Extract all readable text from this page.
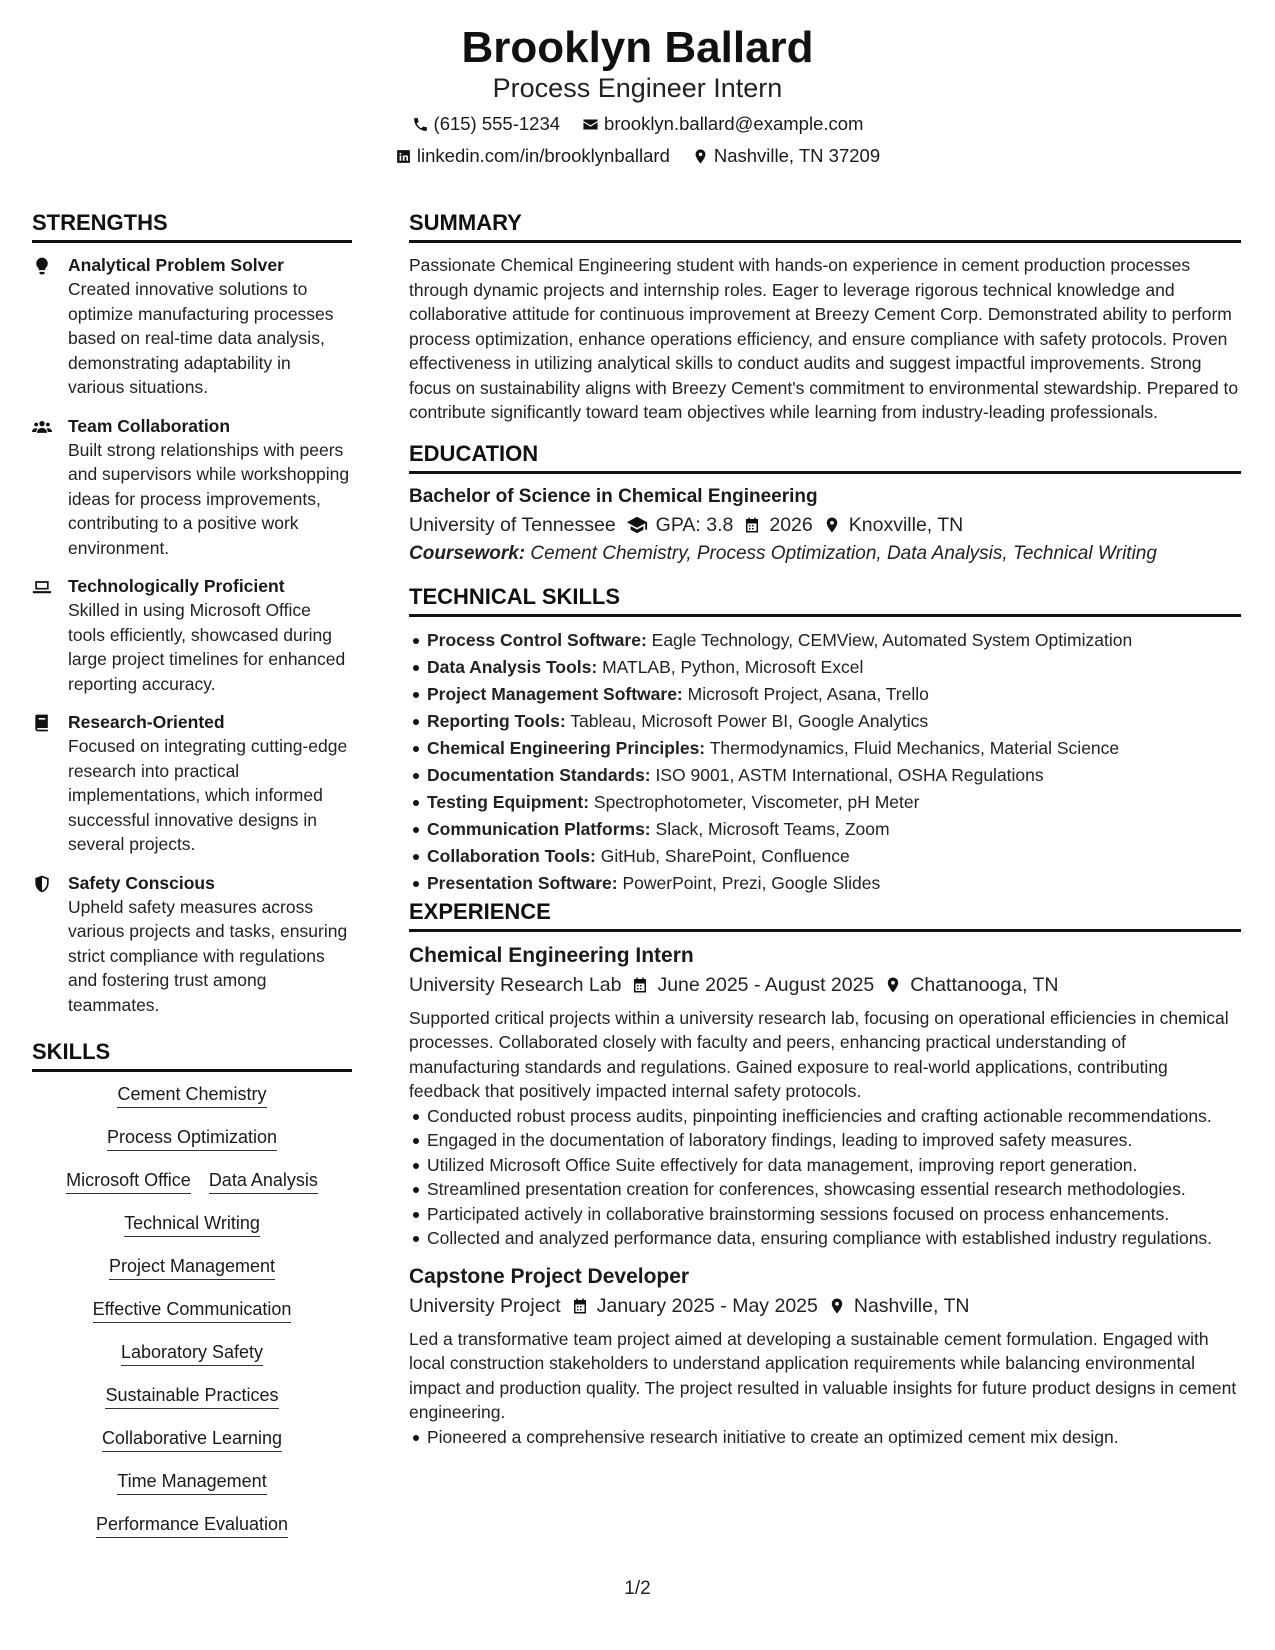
Brooklyn Ballard
Process Engineer Intern
(615) 555-1234 brooklyn.ballard@example.com
linkedin.com/in/brooklynballard Nashville, TN 37209
STRENGTHS
Analytical Problem Solver
Created innovative solutions to optimize manufacturing processes based on real-time data analysis, demonstrating adaptability in various situations.
Team Collaboration
Built strong relationships with peers and supervisors while workshopping ideas for process improvements, contributing to a positive work environment.
Technologically Proficient
Skilled in using Microsoft Office tools efficiently, showcased during large project timelines for enhanced reporting accuracy.
Research-Oriented
Focused on integrating cutting-edge research into practical implementations, which informed successful innovative designs in several projects.
Safety Conscious
Upheld safety measures across various projects and tasks, ensuring strict compliance with regulations and fostering trust among teammates.
SKILLS
Cement Chemistry
Process Optimization
Microsoft Office Data Analysis
Technical Writing
Project Management
Effective Communication
Laboratory Safety
Sustainable Practices
Collaborative Learning
Time Management
Performance Evaluation
SUMMARY
Passionate Chemical Engineering student with hands-on experience in cement production processes through dynamic projects and internship roles. Eager to leverage rigorous technical knowledge and collaborative attitude for continuous improvement at Breezy Cement Corp. Demonstrated ability to perform process optimization, enhance operations efficiency, and ensure compliance with safety protocols. Proven effectiveness in utilizing analytical skills to conduct audits and suggest impactful improvements. Strong focus on sustainability aligns with Breezy Cement's commitment to environmental stewardship. Prepared to contribute significantly toward team objectives while learning from industry-leading professionals.
EDUCATION
Bachelor of Science in Chemical Engineering
University of Tennessee GPA: 3.8 2026 Knoxville, TN
Coursework: Cement Chemistry, Process Optimization, Data Analysis, Technical Writing
TECHNICAL SKILLS
Process Control Software: Eagle Technology, CEMView, Automated System Optimization
Data Analysis Tools: MATLAB, Python, Microsoft Excel
Project Management Software: Microsoft Project, Asana, Trello
Reporting Tools: Tableau, Microsoft Power BI, Google Analytics
Chemical Engineering Principles: Thermodynamics, Fluid Mechanics, Material Science
Documentation Standards: ISO 9001, ASTM International, OSHA Regulations
Testing Equipment: Spectrophotometer, Viscometer, pH Meter
Communication Platforms: Slack, Microsoft Teams, Zoom
Collaboration Tools: GitHub, SharePoint, Confluence
Presentation Software: PowerPoint, Prezi, Google Slides
EXPERIENCE
Chemical Engineering Intern
University Research Lab June 2025 - August 2025 Chattanooga, TN
Supported critical projects within a university research lab, focusing on operational efficiencies in chemical processes. Collaborated closely with faculty and peers, enhancing practical understanding of manufacturing standards and regulations. Gained exposure to real-world applications, contributing feedback that positively impacted internal safety protocols.
Conducted robust process audits, pinpointing inefficiencies and crafting actionable recommendations.
Engaged in the documentation of laboratory findings, leading to improved safety measures.
Utilized Microsoft Office Suite effectively for data management, improving report generation.
Streamlined presentation creation for conferences, showcasing essential research methodologies.
Participated actively in collaborative brainstorming sessions focused on process enhancements.
Collected and analyzed performance data, ensuring compliance with established industry regulations.
Capstone Project Developer
University Project January 2025 - May 2025 Nashville, TN
Led a transformative team project aimed at developing a sustainable cement formulation. Engaged with local construction stakeholders to understand application requirements while balancing environmental impact and production quality. The project resulted in valuable insights for future product designs in cement engineering.
Pioneered a comprehensive research initiative to create an optimized cement mix design.
1/2
